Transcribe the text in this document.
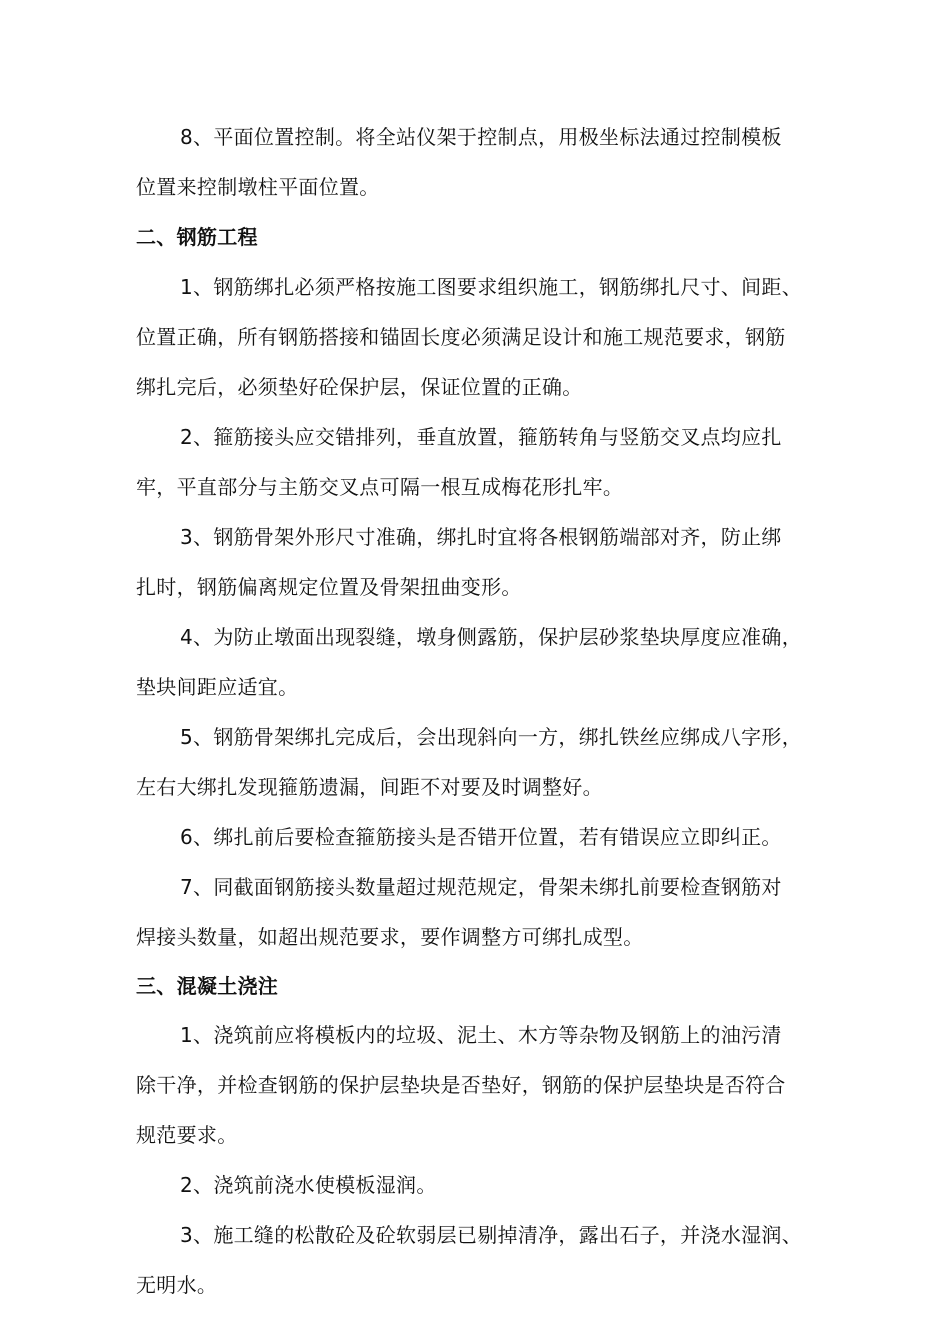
8、平面位置控制。将全站仪架于控制点，用极坐标法通过控制模板
位置来控制墩柱平面位置。
二、钢筋工程
1、钢筋绑扎必须严格按施工图要求组织施工，钢筋绑扎尺寸、间距、
位置正确，所有钢筋搭接和锚固长度必须满足设计和施工规范要求，钢筋
绑扎完后，必须垫好砼保护层，保证位置的正确。
2、箍筋接头应交错排列，垂直放置，箍筋转角与竖筋交叉点均应扎
牢，平直部分与主筋交叉点可隔一根互成梅花形扎牢。
3、钢筋骨架外形尺寸准确，绑扎时宜将各根钢筋端部对齐，防止绑
扎时，钢筋偏离规定位置及骨架扭曲变形。
4、为防止墩面出现裂缝，墩身侧露筋，保护层砂浆垫块厚度应准确，
垫块间距应适宜。
5、钢筋骨架绑扎完成后，会出现斜向一方，绑扎铁丝应绑成八字形，
左右大绑扎发现箍筋遗漏，间距不对要及时调整好。
6、绑扎前后要检查箍筋接头是否错开位置，若有错误应立即纠正。
7、同截面钢筋接头数量超过规范规定，骨架未绑扎前要检查钢筋对
焊接头数量，如超出规范要求，要作调整方可绑扎成型。
三、混凝土浇注
1、浇筑前应将模板内的垃圾、泥土、木方等杂物及钢筋上的油污清
除干净，并检查钢筋的保护层垫块是否垫好，钢筋的保护层垫块是否符合
规范要求。
2、浇筑前浇水使模板湿润。
3、施工缝的松散砼及砼软弱层已剔掉清净，露出石子，并浇水湿润、
无明水。
